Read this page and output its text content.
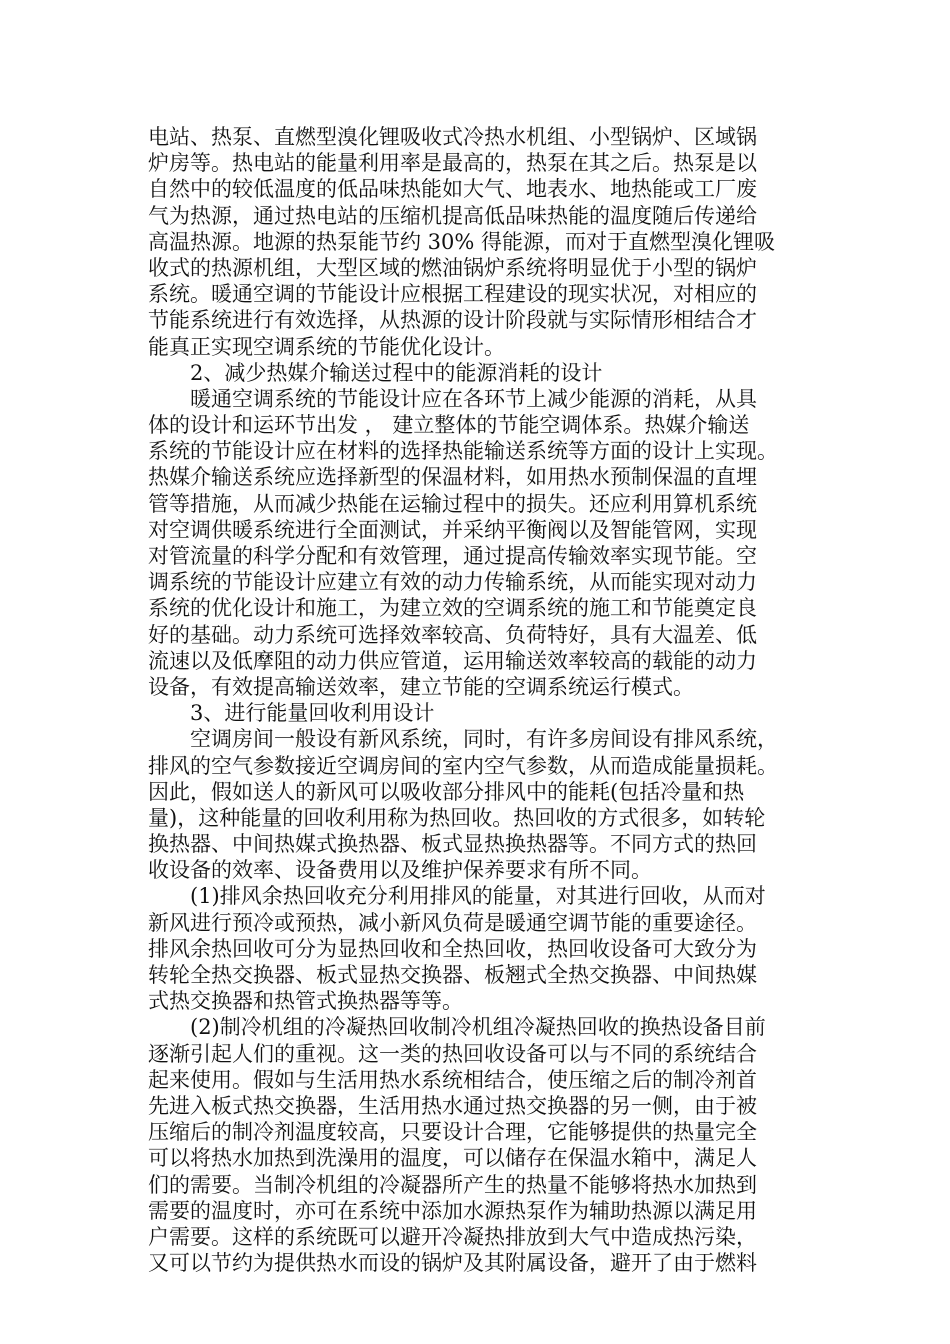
电站、热泵、直燃型溴化锂吸收式冷热水机组、小型锅炉、区域锅
炉房等。热电站的能量利用率是最高的，热泵在其之后。热泵是以
自然中的较低温度的低品味热能如大气、地表水、地热能或工厂废
气为热源，通过热电站的压缩机提高低品味热能的温度随后传递给
高温热源。地源的热泵能节约 30% 得能源，而对于直燃型溴化锂吸
收式的热源机组，大型区域的燃油锅炉系统将明显优于小型的锅炉
系统。暖通空调的节能设计应根据工程建设的现实状况，对相应的
节能系统进行有效选择，从热源的设计阶段就与实际情形相结合才
能真正实现空调系统的节能优化设计。
2、减少热媒介输送过程中的能源消耗的设计
暖通空调系统的节能设计应在各环节上减少能源的消耗，从具
体的设计和运环节出发 ， 建立整体的节能空调体系。热媒介输送
系统的节能设计应在材料的选择热能输送系统等方面的设计上实现。
热媒介输送系统应选择新型的保温材料，如用热水预制保温的直埋
管等措施，从而减少热能在运输过程中的损失。还应利用算机系统
对空调供暖系统进行全面测试，并采纳平衡阀以及智能管网，实现
对管流量的科学分配和有效管理，通过提高传输效率实现节能。空
调系统的节能设计应建立有效的动力传输系统，从而能实现对动力
系统的优化设计和施工，为建立效的空调系统的施工和节能奠定良
好的基础。动力系统可选择效率较高、负荷特好，具有大温差、低
流速以及低摩阻的动力供应管道，运用输送效率较高的载能的动力
设备，有效提高输送效率，建立节能的空调系统运行模式。
3、进行能量回收利用设计
空调房间一般设有新风系统，同时，有许多房间设有排风系统，
排风的空气参数接近空调房间的室内空气参数，从而造成能量损耗。
因此，假如送人的新风可以吸收部分排风中的能耗(包括冷量和热
量)，这种能量的回收利用称为热回收。热回收的方式很多，如转轮
换热器、中间热媒式换热器、板式显热换热器等。不同方式的热回
收设备的效率、设备费用以及维护保养要求有所不同。
(1)排风余热回收充分利用排风的能量，对其进行回收，从而对
新风进行预冷或预热，减小新风负荷是暖通空调节能的重要途径。
排风余热回收可分为显热回收和全热回收，热回收设备可大致分为
转轮全热交换器、板式显热交换器、板翘式全热交换器、中间热媒
式热交换器和热管式换热器等等。
(2)制冷机组的冷凝热回收制冷机组冷凝热回收的换热设备目前
逐渐引起人们的重视。这一类的热回收设备可以与不同的系统结合
起来使用。假如与生活用热水系统相结合，使压缩之后的制冷剂首
先进入板式热交换器，生活用热水通过热交换器的另一侧，由于被
压缩后的制冷剂温度较高，只要设计合理，它能够提供的热量完全
可以将热水加热到洗澡用的温度，可以储存在保温水箱中，满足人
们的需要。当制冷机组的冷凝器所产生的热量不能够将热水加热到
需要的温度时，亦可在系统中添加水源热泵作为辅助热源以满足用
户需要。这样的系统既可以避开冷凝热排放到大气中造成热污染，
又可以节约为提供热水而设的锅炉及其附属设备，避开了由于燃料
